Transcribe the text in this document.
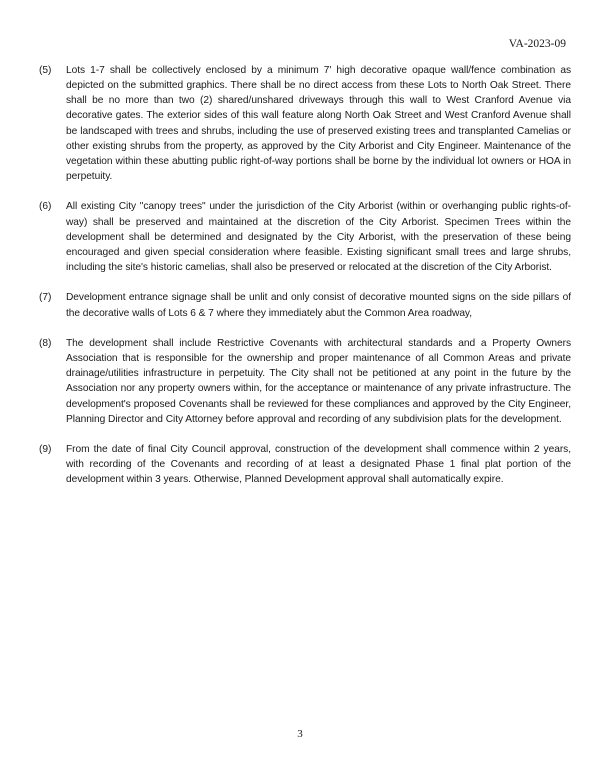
VA-2023-09
(5)	Lots 1-7 shall be collectively enclosed by a minimum 7' high decorative opaque wall/fence combination as depicted on the submitted graphics. There shall be no direct access from these Lots to North Oak Street. There shall be no more than two (2) shared/unshared driveways through this wall to West Cranford Avenue via decorative gates. The exterior sides of this wall feature along North Oak Street and West Cranford Avenue shall be landscaped with trees and shrubs, including the use of preserved existing trees and transplanted Camelias or other existing shrubs from the property, as approved by the City Arborist and City Engineer. Maintenance of the vegetation within these abutting public right-of-way portions shall be borne by the individual lot owners or HOA in perpetuity.
(6)	All existing City "canopy trees" under the jurisdiction of the City Arborist (within or overhanging public rights-of-way) shall be preserved and maintained at the discretion of the City Arborist. Specimen Trees within the development shall be determined and designated by the City Arborist, with the preservation of these being encouraged and given special consideration where feasible. Existing significant small trees and large shrubs, including the site's historic camelias, shall also be preserved or relocated at the discretion of the City Arborist.
(7)	Development entrance signage shall be unlit and only consist of decorative mounted signs on the side pillars of the decorative walls of Lots 6 & 7 where they immediately abut the Common Area roadway,
(8)	The development shall include Restrictive Covenants with architectural standards and a Property Owners Association that is responsible for the ownership and proper maintenance of all Common Areas and private drainage/utilities infrastructure in perpetuity. The City shall not be petitioned at any point in the future by the Association nor any property owners within, for the acceptance or maintenance of any private infrastructure. The development's proposed Covenants shall be reviewed for these compliances and approved by the City Engineer, Planning Director and City Attorney before approval and recording of any subdivision plats for the development.
(9)	From the date of final City Council approval, construction of the development shall commence within 2 years, with recording of the Covenants and recording of at least a designated Phase 1 final plat portion of the development within 3 years. Otherwise, Planned Development approval shall automatically expire.
3
